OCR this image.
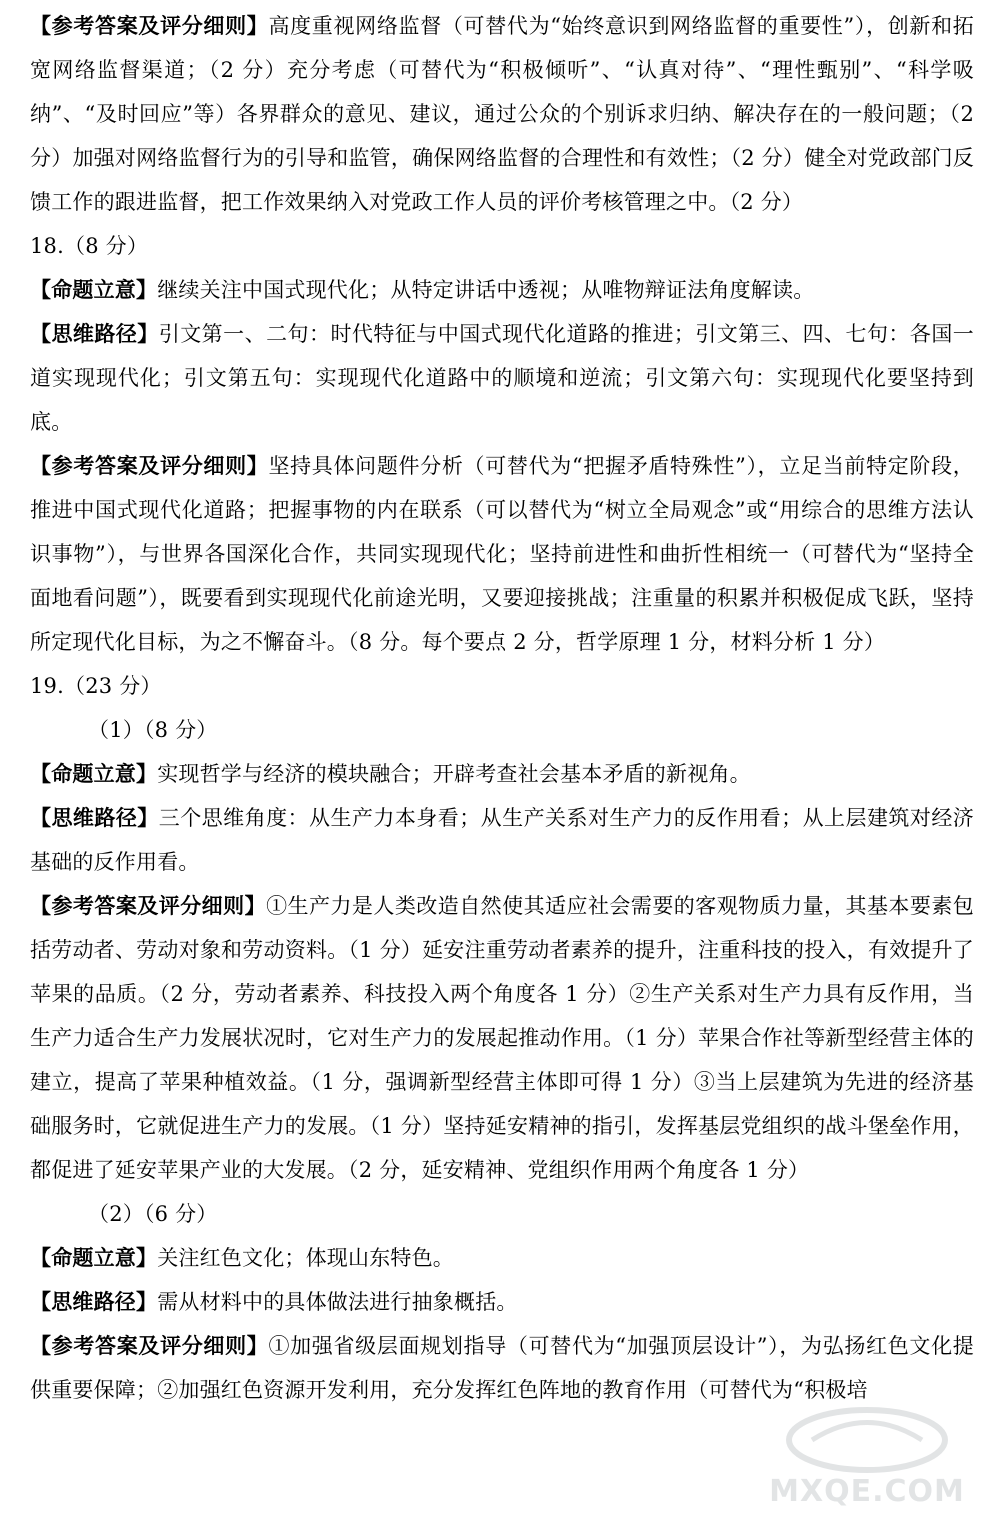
【参考答案及评分细则】高度重视网络监督（可替代为“始终意识到网络监督的重要性”），创新和拓宽网络监督渠道；（2 分）充分考虑（可替代为“积极倾听”、“认真对待”、“理性甄别”、“科学吸纳”、“及时回应”等）各界群众的意见、建议，通过公众的个别诉求归纳、解决存在的一般问题；（2 分）加强对网络监督行为的引导和监管，确保网络监督的合理性和有效性；（2 分）健全对党政部门反馈工作的跟进监督，把工作效果纳入对党政工作人员的评价考核管理之中。（2 分）

18.（8 分）

【命题立意】继续关注中国式现代化；从特定讲话中透视；从唯物辩证法角度解读。

【思维路径】引文第一、二句：时代特征与中国式现代化道路的推进；引文第三、四、七句：各国一道实现现代化；引文第五句：实现现代化道路中的顺境和逆流；引文第六句：实现现代化要坚持到底。

【参考答案及评分细则】坚持具体问题件分析（可替代为“把握矛盾特殊性”），立足当前特定阶段，推进中国式现代化道路；把握事物的内在联系（可以替代为“树立全局观念”或“用综合的思维方法认识事物”），与世界各国深化合作，共同实现现代化；坚持前进性和曲折性相统一（可替代为“坚持全面地看问题”），既要看到实现现代化前途光明，又要迎接挑战；注重量的积累并积极促成飞跃，坚持所定现代化目标，为之不懈奋斗。（8 分。每个要点 2 分，哲学原理 1 分，材料分析 1 分）

19.（23 分）

（1）（8 分）

【命题立意】实现哲学与经济的模块融合；开辟考查社会基本矛盾的新视角。

【思维路径】三个思维角度：从生产力本身看；从生产关系对生产力的反作用看；从上层建筑对经济基础的反作用看。

【参考答案及评分细则】①生产力是人类改造自然使其适应社会需要的客观物质力量，其基本要素包括劳动者、劳动对象和劳动资料。（1 分）延安注重劳动者素养的提升，注重科技的投入，有效提升了苹果的品质。（2 分，劳动者素养、科技投入两个角度各 1 分）②生产关系对生产力具有反作用，当生产力适合生产力发展状况时，它对生产力的发展起推动作用。（1 分）苹果合作社等新型经营主体的建立，提高了苹果种植效益。（1 分，强调新型经营主体即可得 1 分）③当上层建筑为先进的经济基础服务时，它就促进生产力的发展。（1 分）坚持延安精神的指引，发挥基层党组织的战斗堡垒作用，都促进了延安苹果产业的大发展。（2 分，延安精神、党组织作用两个角度各 1 分）

（2）（6 分）

【命题立意】关注红色文化；体现山东特色。

【思维路径】需从材料中的具体做法进行抽象概括。

【参考答案及评分细则】①加强省级层面规划指导（可替代为“加强顶层设计”），为弘扬红色文化提供重要保障；②加强红色资源开发利用，充分发挥红色阵地的教育作用（可替代为“积极培

MXQE.COM
